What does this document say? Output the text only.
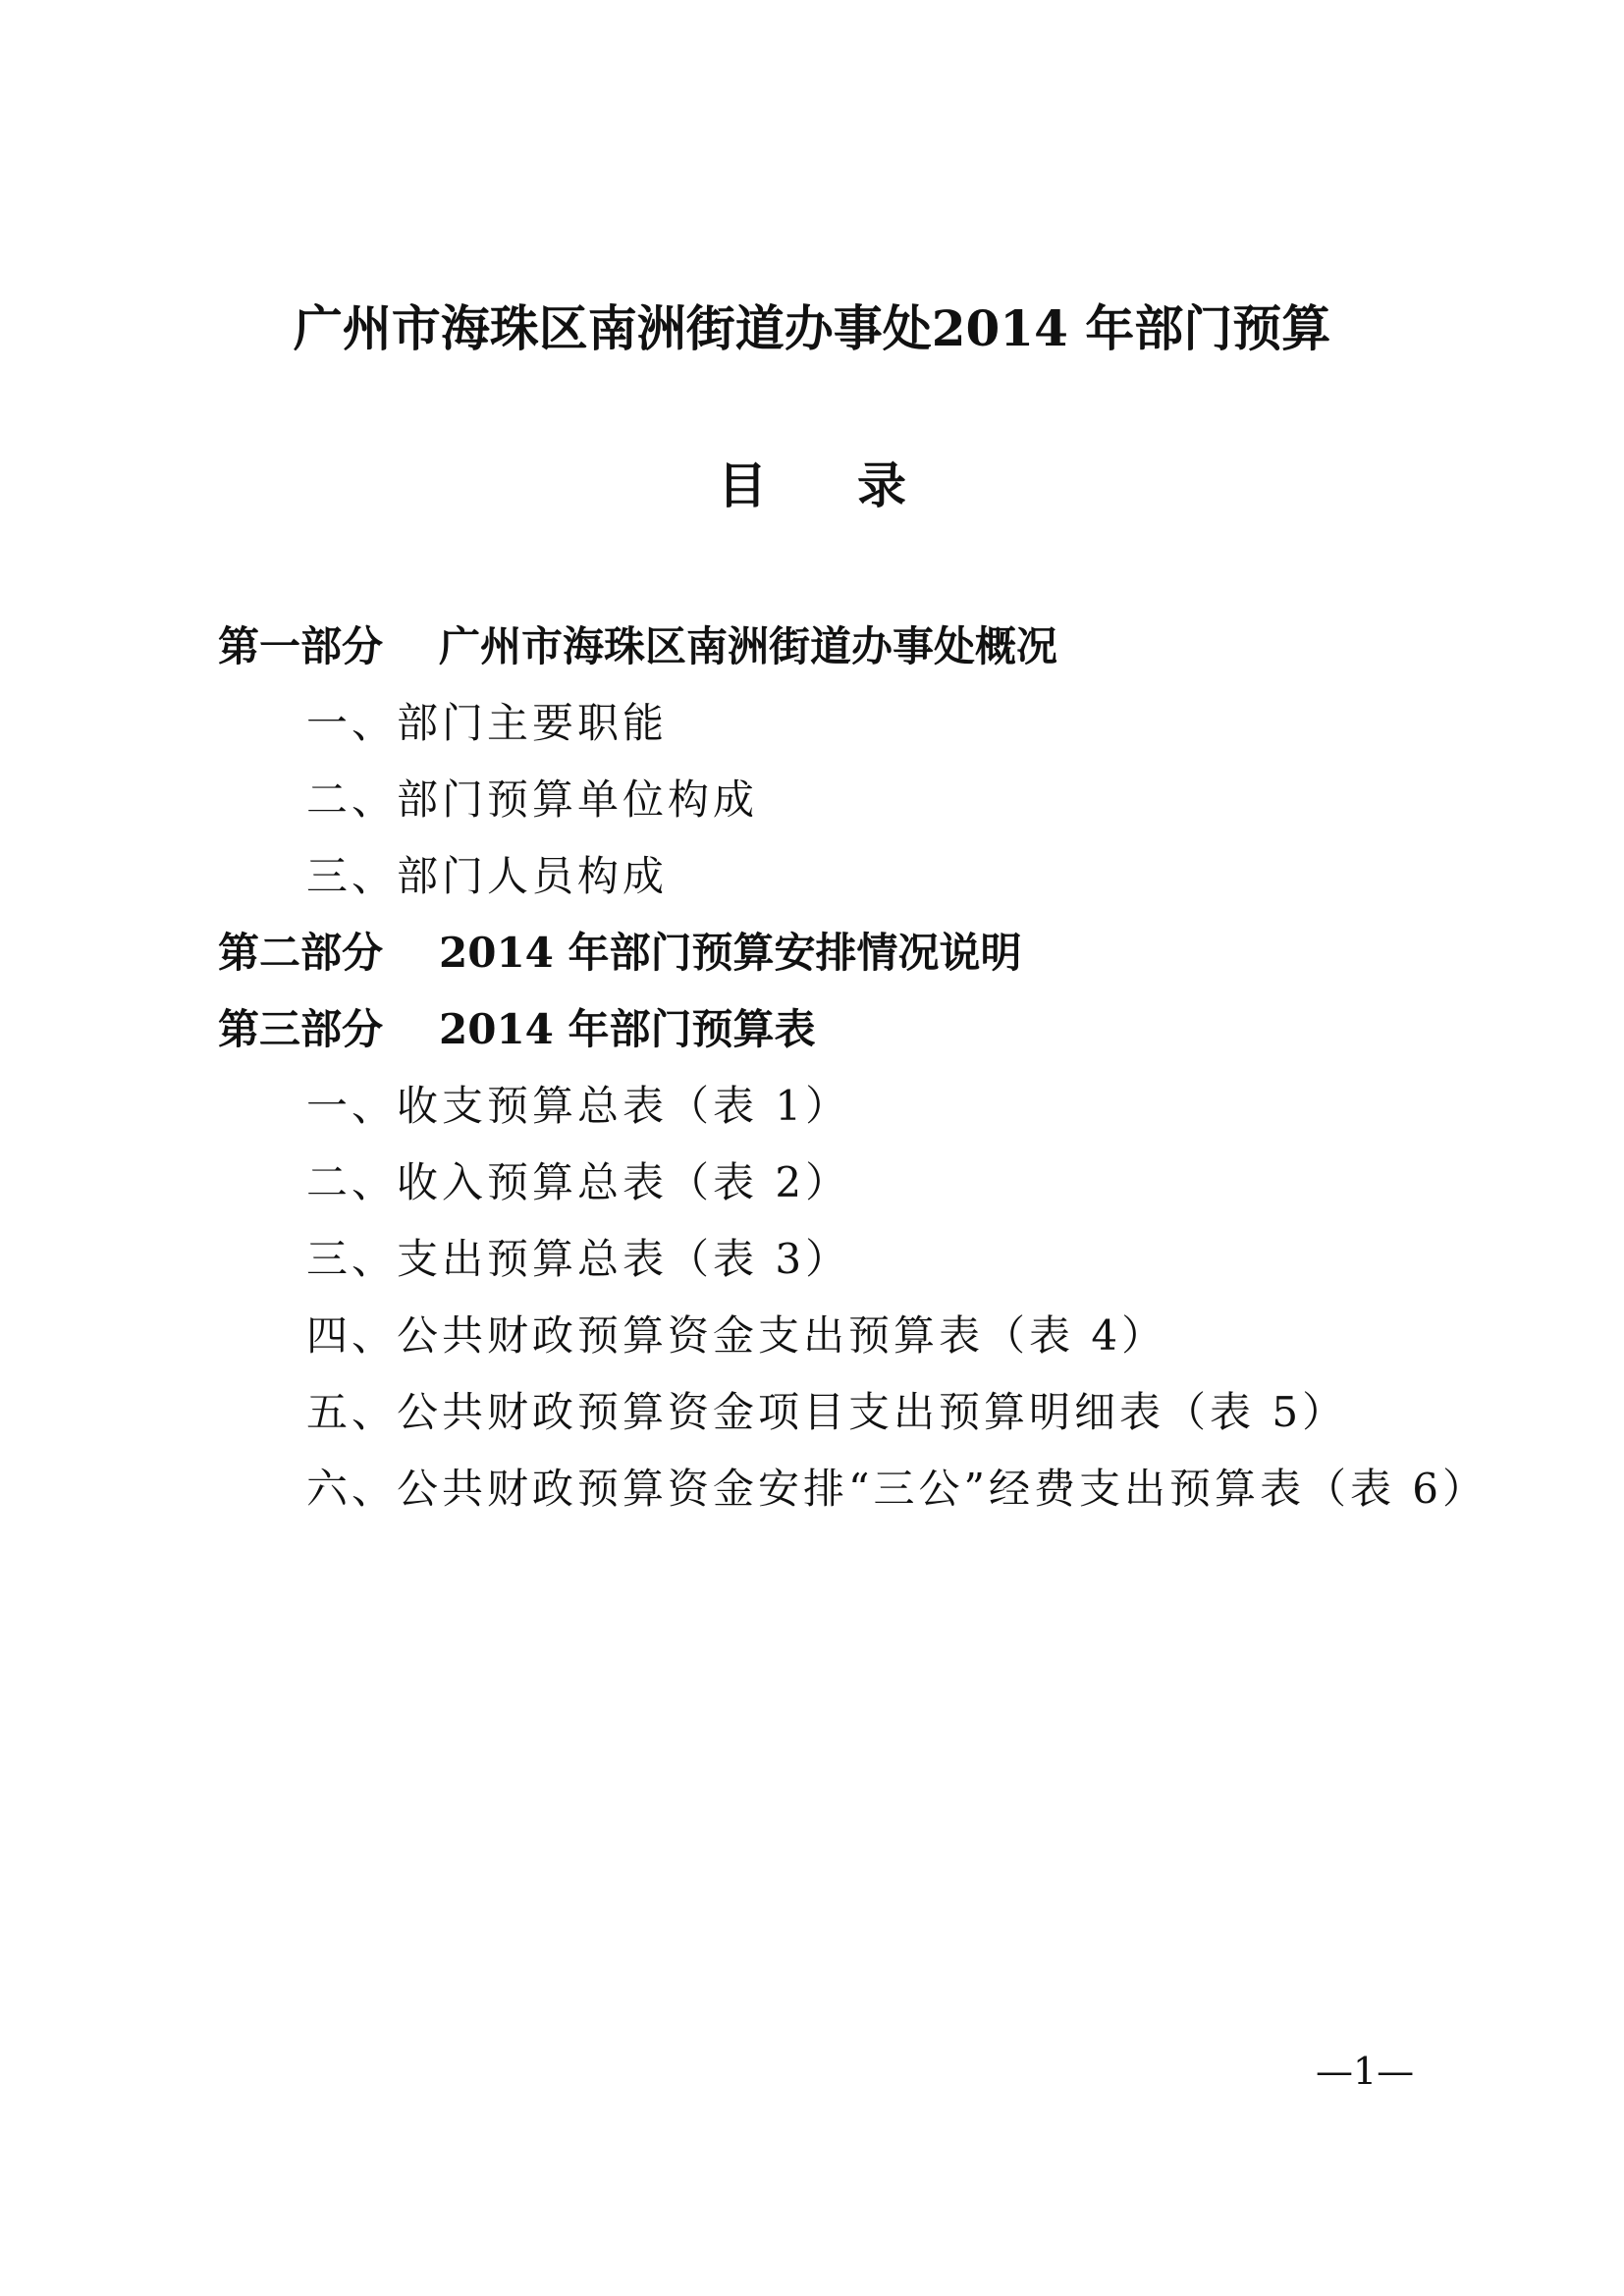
广州市海珠区南洲街道办事处2014 年部门预算
目录
第一部分 广州市海珠区南洲街道办事处概况
一、部门主要职能
二、部门预算单位构成
三、部门人员构成
第二部分 2014 年部门预算安排情况说明
第三部分 2014 年部门预算表
一、收支预算总表（表 1）
二、收入预算总表（表 2）
三、支出预算总表（表 3）
四、公共财政预算资金支出预算表（表 4）
五、公共财政预算资金项目支出预算明细表（表 5）
六、公共财政预算资金安排“三公”经费支出预算表（表 6）
—1—
